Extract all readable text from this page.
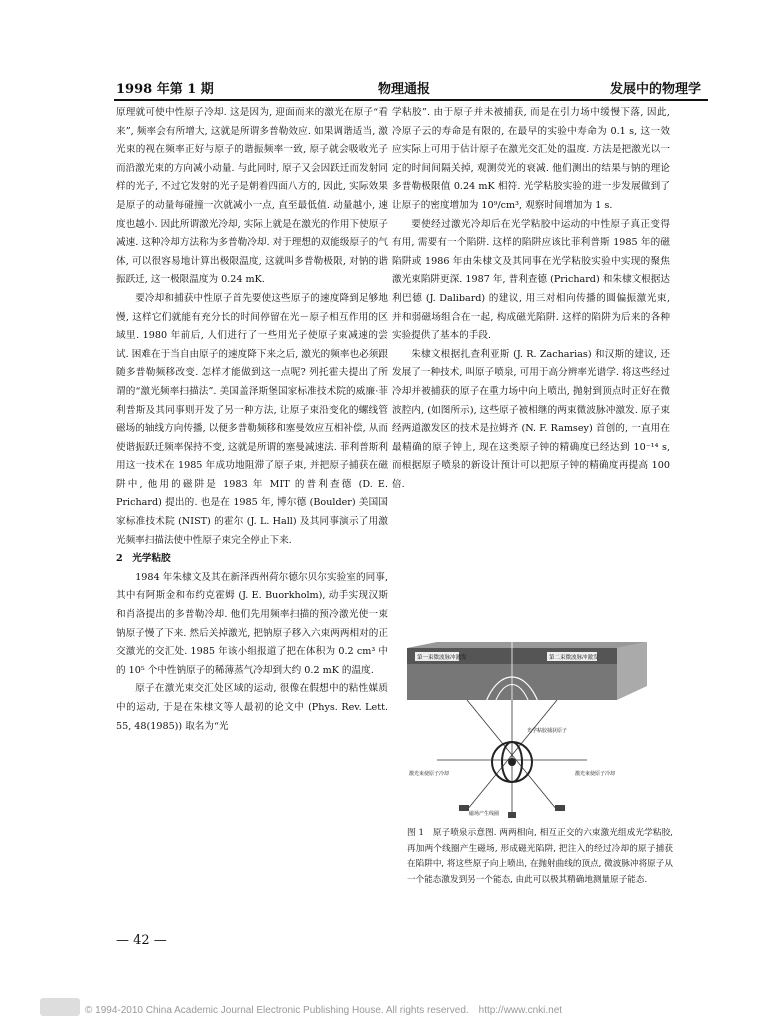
1998 年第 1 期	物理通报	发展中的物理学

原理就可使中性原子冷却. 这是因为, 迎面而来的激光在原子“看来”, 频率会有所增大, 这就是所谓多普勒效应. 如果调谐适当, 激光束的视在频率正好与原子的谐振频率一致, 原子就会吸收光子而沿激光束的方向减小动量. 与此同时, 原子又会因跃迁而发射同样的光子, 不过它发射的光子是朝着四面八方的, 因此, 实际效果是原子的动量每碰撞一次就减小一点, 直至最低值. 动量越小, 速度也越小. 因此所谓激光冷却, 实际上就是在激光的作用下使原子减速. 这种冷却方法称为多普勒冷却. 对于理想的双能级原子的气体, 可以很容易地计算出极限温度, 这就叫多普勒极限, 对钠的谐振跃迁, 这一极限温度为 0.24 mK.

要冷却和捕获中性原子首先要使这些原子的速度降到足够地慢, 这样它们就能有充分长的时间停留在光－原子相互作用的区域里. 1980 年前后, 人们进行了一些用光子使原子束减速的尝试. 困难在于当自由原子的速度降下来之后, 激光的频率也必须跟随多普勒频移改变. 怎样才能做到这一点呢? 列托霍夫提出了所谓的“激光频率扫描法”. 美国盖泽斯堡国家标准技术院的威廉·菲利普斯及其同事则开发了另一种方法, 让原子束沿变化的螺线管磁场的轴线方向传播, 以便多普勒频移和塞曼效应互相补偿, 从而使谐振跃迁频率保持不变, 这就是所谓的塞曼减速法. 菲利普斯利用这一技术在 1985 年成功地阻滞了原子束, 并把原子捕获在磁阱中, 他用的磁阱是 1983 年 MIT 的普利查德 (D. E. Prichard) 提出的. 也是在 1985 年, 博尔德 (Boulder) 美国国家标准技术院 (NIST) 的霍尔 (J. L. Hall) 及其同事演示了用激光频率扫描法使中性原子束完全停止下来.

2　光学粘胶

1984 年朱棣文及其在新泽西州荷尔德尔贝尔实验室的同事, 其中有阿斯金和布约克霍姆 (J. E. Buorkholm), 动手实现汉斯和肖洛提出的多普勒冷却. 他们先用频率扫描的预冷激光使一束钠原子慢了下来. 然后关掉激光, 把钠原子移入六束两两相对的正交激光的交汇处. 1985 年该小组报道了把在体积为 0.2 cm³ 中的 10⁵ 个中性钠原子的稀薄蒸气冷却到大约 0.2 mK 的温度.

原子在激光束交汇处区域的运动, 很像在假想中的粘性媒质中的运动, 于是在朱棣文等人最初的论文中 (Phys. Rev. Lett. 55, 48(1985)) 取名为“光

学粘胶”. 由于原子并未被捕获, 而是在引力场中缓慢下落, 因此, 冷原子云的寿命是有限的, 在最早的实验中寿命为 0.1 s, 这一效应实际上可用于估计原子在激光交汇处的温度. 方法是把激光以一定的时间间隔关掉, 观测荧光的衰减. 他们测出的结果与钠的理论多普勒极限值 0.24 mK 相符. 光学粘胶实验的进一步发展做到了让原子的密度增加为 10⁹/cm³, 观察时间增加为 1 s.

要使经过激光冷却后在光学粘胶中运动的中性原子真正变得有用, 需要有一个陷阱. 这样的陷阱应该比菲利普斯 1985 年的磁陷阱或 1986 年由朱棣文及其同事在光学粘胶实验中实现的聚焦激光束陷阱更深. 1987 年, 普利查德 (Prichard) 和朱棣文根据达利巴德 (J. Dalibard) 的建议, 用三对相向传播的圆偏振激光束, 并和弱磁场组合在一起, 构成磁光陷阱. 这样的陷阱为后来的各种实验提供了基本的手段.

朱棣文根据扎查利亚斯 (J. R. Zacharias) 和汉斯的建议, 还发展了一种技术, 叫原子喷泉, 可用于高分辨率光谱学. 将这些经过冷却并被捕获的原子在重力场中向上喷出, 抛射到顶点时正好在微波腔内, (如图所示), 这些原子被相继的两束微波脉冲激发. 原子束经两道激发区的技术是拉姆齐 (N. F. Ramsey) 首创的, 一直用在最精确的原子钟上, 现在这类原子钟的精确度已经达到 10⁻¹⁴ s, 而根据原子喷泉的新设计预计可以把原子钟的精确度再提高 100 倍.

第一束微波脉冲激发	第二束微波脉冲激发
光学粘胶捕获原子
激光束使原子冷却	激光束使原子冷却
磁场产生线圈
图 1　原子喷泉示意图. 两两相向, 相互正交的六束激光组成光学粘胶, 再加两个线圈产生磁场, 形成磁光陷阱, 把注入的经过冷却的原子捕获在陷阱中, 将这些原子向上喷出, 在抛射曲线的顶点, 微波脉冲将原子从一个能态激发到另一个能态, 由此可以极其精确地测量原子能态.
— 42 —
© 1994-2010 China Academic Journal Electronic Publishing House. All rights reserved.　http://www.cnki.net
